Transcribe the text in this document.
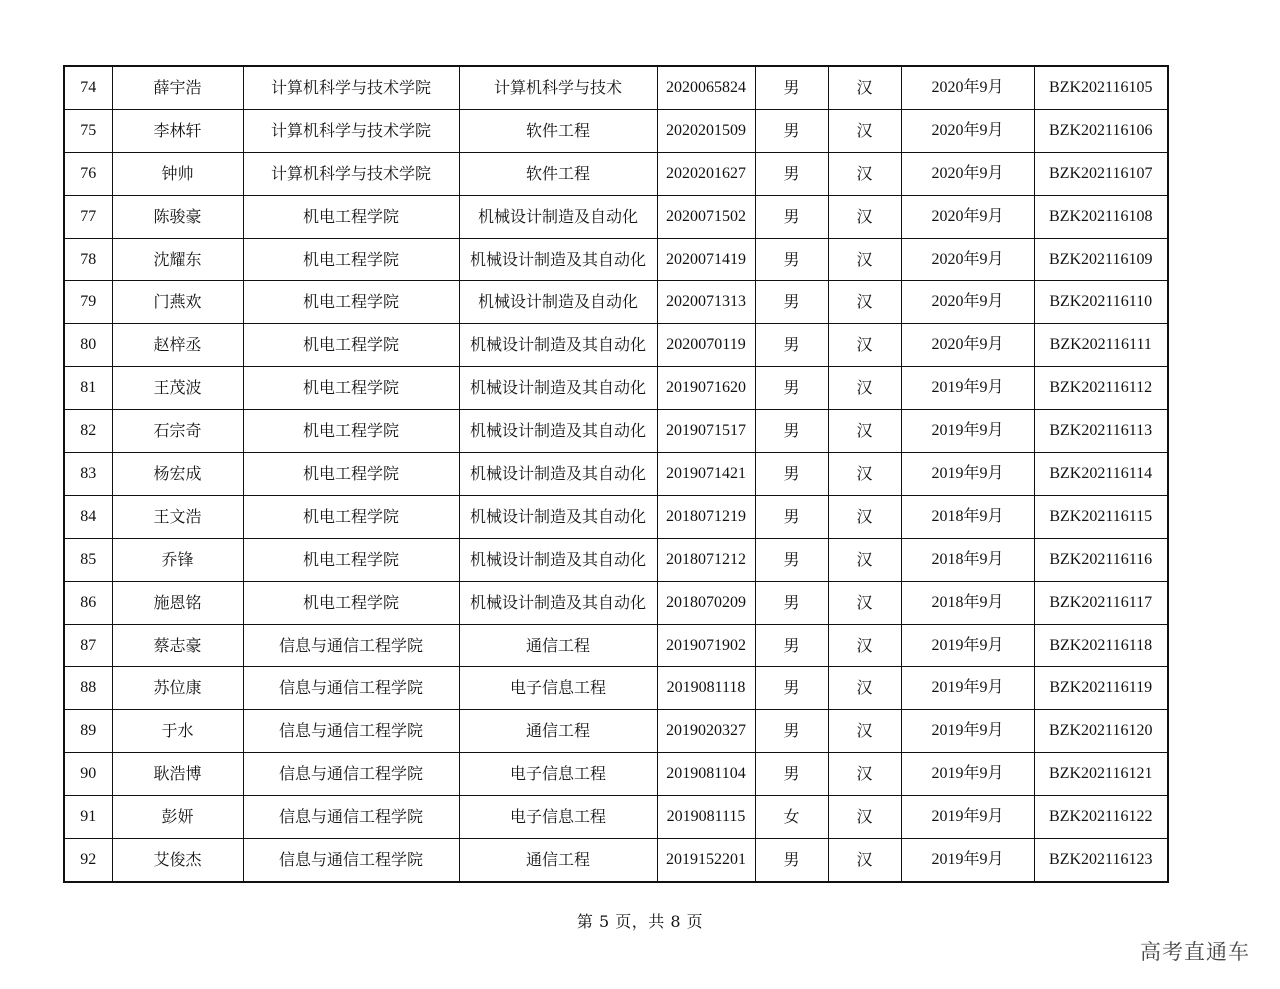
74	薛宇浩	计算机科学与技术学院	计算机科学与技术	2020065824	男	汉	2020年9月	BZK202116105
75	李林轩	计算机科学与技术学院	软件工程	2020201509	男	汉	2020年9月	BZK202116106
76	钟帅	计算机科学与技术学院	软件工程	2020201627	男	汉	2020年9月	BZK202116107
77	陈骏豪	机电工程学院	机械设计制造及自动化	2020071502	男	汉	2020年9月	BZK202116108
78	沈耀东	机电工程学院	机械设计制造及其自动化	2020071419	男	汉	2020年9月	BZK202116109
79	门燕欢	机电工程学院	机械设计制造及自动化	2020071313	男	汉	2020年9月	BZK202116110
80	赵梓丞	机电工程学院	机械设计制造及其自动化	2020070119	男	汉	2020年9月	BZK202116111
81	王茂波	机电工程学院	机械设计制造及其自动化	2019071620	男	汉	2019年9月	BZK202116112
82	石宗奇	机电工程学院	机械设计制造及其自动化	2019071517	男	汉	2019年9月	BZK202116113
83	杨宏成	机电工程学院	机械设计制造及其自动化	2019071421	男	汉	2019年9月	BZK202116114
84	王文浩	机电工程学院	机械设计制造及其自动化	2018071219	男	汉	2018年9月	BZK202116115
85	乔锋	机电工程学院	机械设计制造及其自动化	2018071212	男	汉	2018年9月	BZK202116116
86	施恩铭	机电工程学院	机械设计制造及其自动化	2018070209	男	汉	2018年9月	BZK202116117
87	蔡志豪	信息与通信工程学院	通信工程	2019071902	男	汉	2019年9月	BZK202116118
88	苏位康	信息与通信工程学院	电子信息工程	2019081118	男	汉	2019年9月	BZK202116119
89	于水	信息与通信工程学院	通信工程	2019020327	男	汉	2019年9月	BZK202116120
90	耿浩博	信息与通信工程学院	电子信息工程	2019081104	男	汉	2019年9月	BZK202116121
91	彭妍	信息与通信工程学院	电子信息工程	2019081115	女	汉	2019年9月	BZK202116122
92	艾俊杰	信息与通信工程学院	通信工程	2019152201	男	汉	2019年9月	BZK202116123
第 5 页，共 8 页
高考直通车
